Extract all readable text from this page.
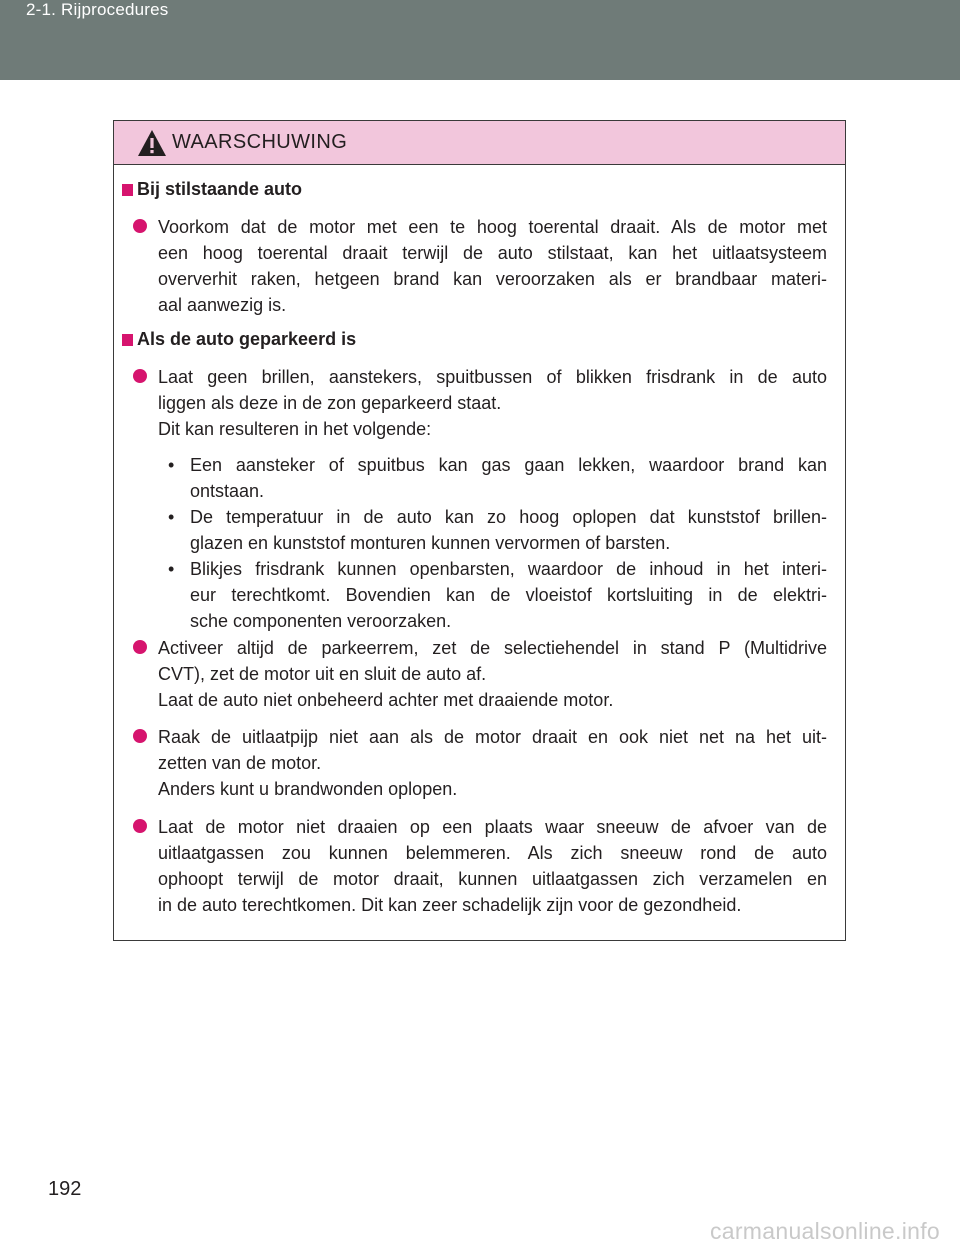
2-1. Rijprocedures
WAARSCHUWING
Bij stilstaande auto
Voorkom dat de motor met een te hoog toerental draait. Als de motor met
een hoog toerental draait terwijl de auto stilstaat, kan het uitlaatsysteem
oververhit raken, hetgeen brand kan veroorzaken als er brandbaar materi-
aal aanwezig is.
Als de auto geparkeerd is
Laat geen brillen, aanstekers, spuitbussen of blikken frisdrank in de auto
liggen als deze in de zon geparkeerd staat.
Dit kan resulteren in het volgende:
• Een aansteker of spuitbus kan gas gaan lekken, waardoor brand kan
ontstaan.
• De temperatuur in de auto kan zo hoog oplopen dat kunststof brillen-
glazen en kunststof monturen kunnen vervormen of barsten.
• Blikjes frisdrank kunnen openbarsten, waardoor de inhoud in het interi-
eur terechtkomt. Bovendien kan de vloeistof kortsluiting in de elektri-
sche componenten veroorzaken.
Activeer altijd de parkeerrem, zet de selectiehendel in stand P (Multidrive
CVT), zet de motor uit en sluit de auto af.
Laat de auto niet onbeheerd achter met draaiende motor.
Raak de uitlaatpijp niet aan als de motor draait en ook niet net na het uit-
zetten van de motor.
Anders kunt u brandwonden oplopen.
Laat de motor niet draaien op een plaats waar sneeuw de afvoer van de
uitlaatgassen zou kunnen belemmeren. Als zich sneeuw rond de auto
ophoopt terwijl de motor draait, kunnen uitlaatgassen zich verzamelen en
in de auto terechtkomen. Dit kan zeer schadelijk zijn voor de gezondheid.
192
carmanualsonline.info
